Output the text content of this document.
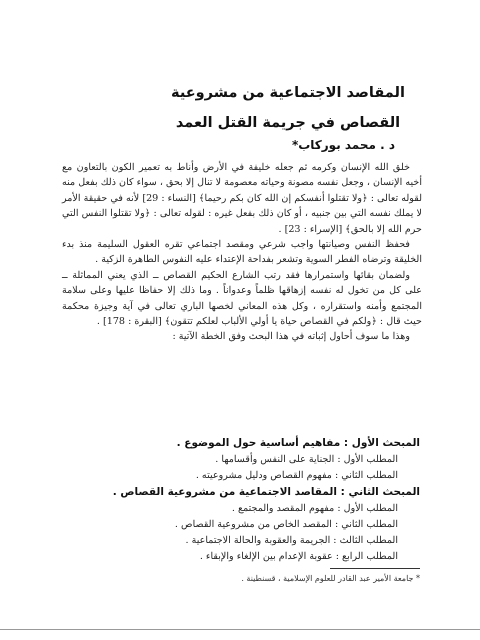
المقاصد الاجتماعية من مشروعية
القصاص في جريمة القتل العمد
د . محمد بوركاب*

خلق الله الإنسان وكرمه ثم جعله خليفة في الأرض وأناط به تعمير الكون بالتعاون مع أخيه الإنسان ، وجعل نفسه مصونة وحياته معصومة لا تنال إلا بحق ، سواء كان ذلك بفعل منه لقوله تعالى : ﴿ولا تقتلوا أنفسكم إن الله كان بكم رحيما﴾ [النساء : 29] لأنه في حقيقة الأمر لا يملك نفسه التي بين جنبيه ، أو كان ذلك بفعل غيره : لقوله تعالى : ﴿ولا تقتلوا النفس التي حرم الله إلا بالحق﴾ [الإسراء : 23] .

فحفظ النفس وصيانتها واجب شرعي ومقصد اجتماعي تقره العقول السليمة منذ بدء الخليقة وترضاه الفطر السوية وتشعر بفداحة الإعتداء عليه النفوس الطاهرة الزكية .

ولضمان بقائها واستمرارها فقد رتب الشارع الحكيم القصاص ــ الذي يعني المماثلة ــ على كل من تخول له نفسه إزهاقها ظلماً وعدواناً . وما ذلك إلا حفاظا عليها وعلى سلامة المجتمع وأمنه واستقراره ، وكل هذه المعاني لخصها الباري تعالى في آية وجيزة محكمة حيث قال : ﴿ولكم في القصاص حياة يا أولي الألباب لعلكم تتقون﴾ [البقرة : 178] .

وهذا ما سوف أحاول إثباته في هذا البحث وفق الخطة الآتية :

المبحث الأول : مفاهيم أساسية حول الموضوع .
المطلب الأول : الجناية على النفس وأقسامها .
المطلب الثاني : مفهوم القصاص ودليل مشروعيته .
المبحث الثاني : المقاصد الاجتماعية من مشروعية القصاص .
المطلب الأول : مفهوم المقصد والمجتمع .
المطلب الثاني : المقصد الخاص من مشروعية القصاص .
المطلب الثالث : الجريمة والعقوبة والحالة الاجتماعية .
المطلب الرابع : عقوبة الإعدام بين الإلغاء والإبقاء .
* جامعة الأمير عبد القادر للعلوم الإسلامية ، قسنطينة .
